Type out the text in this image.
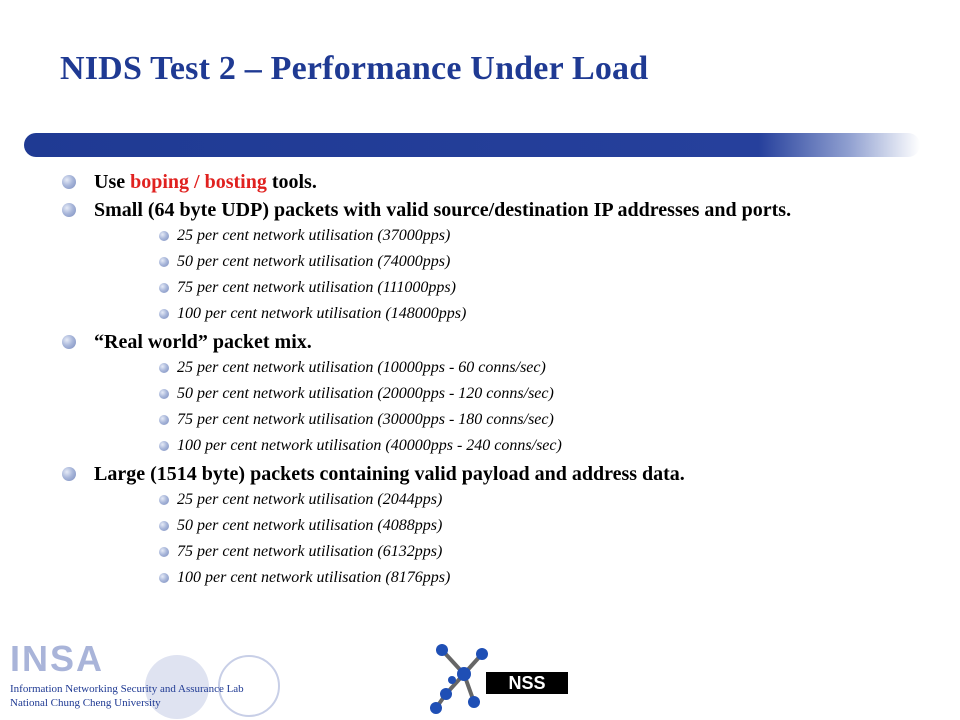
NIDS Test 2 – Performance Under Load
Use boping / bosting tools.
Small (64 byte UDP) packets with valid source/destination IP addresses and ports.
25 per cent network utilisation (37000pps)
50 per cent network utilisation (74000pps)
75 per cent network utilisation (111000pps)
100 per cent network utilisation (148000pps)
“Real world” packet mix.
25 per cent network utilisation (10000pps - 60 conns/sec)
50 per cent network utilisation (20000pps - 120 conns/sec)
75 per cent network utilisation (30000pps - 180 conns/sec)
100 per cent network utilisation (40000pps - 240 conns/sec)
Large (1514 byte) packets containing valid payload and address data.
25 per cent network utilisation (2044pps)
50 per cent network utilisation (4088pps)
75 per cent network utilisation (6132pps)
100 per cent network utilisation (8176pps)
INSA
Information Networking Security and Assurance Lab
National Chung Cheng University
NSS
